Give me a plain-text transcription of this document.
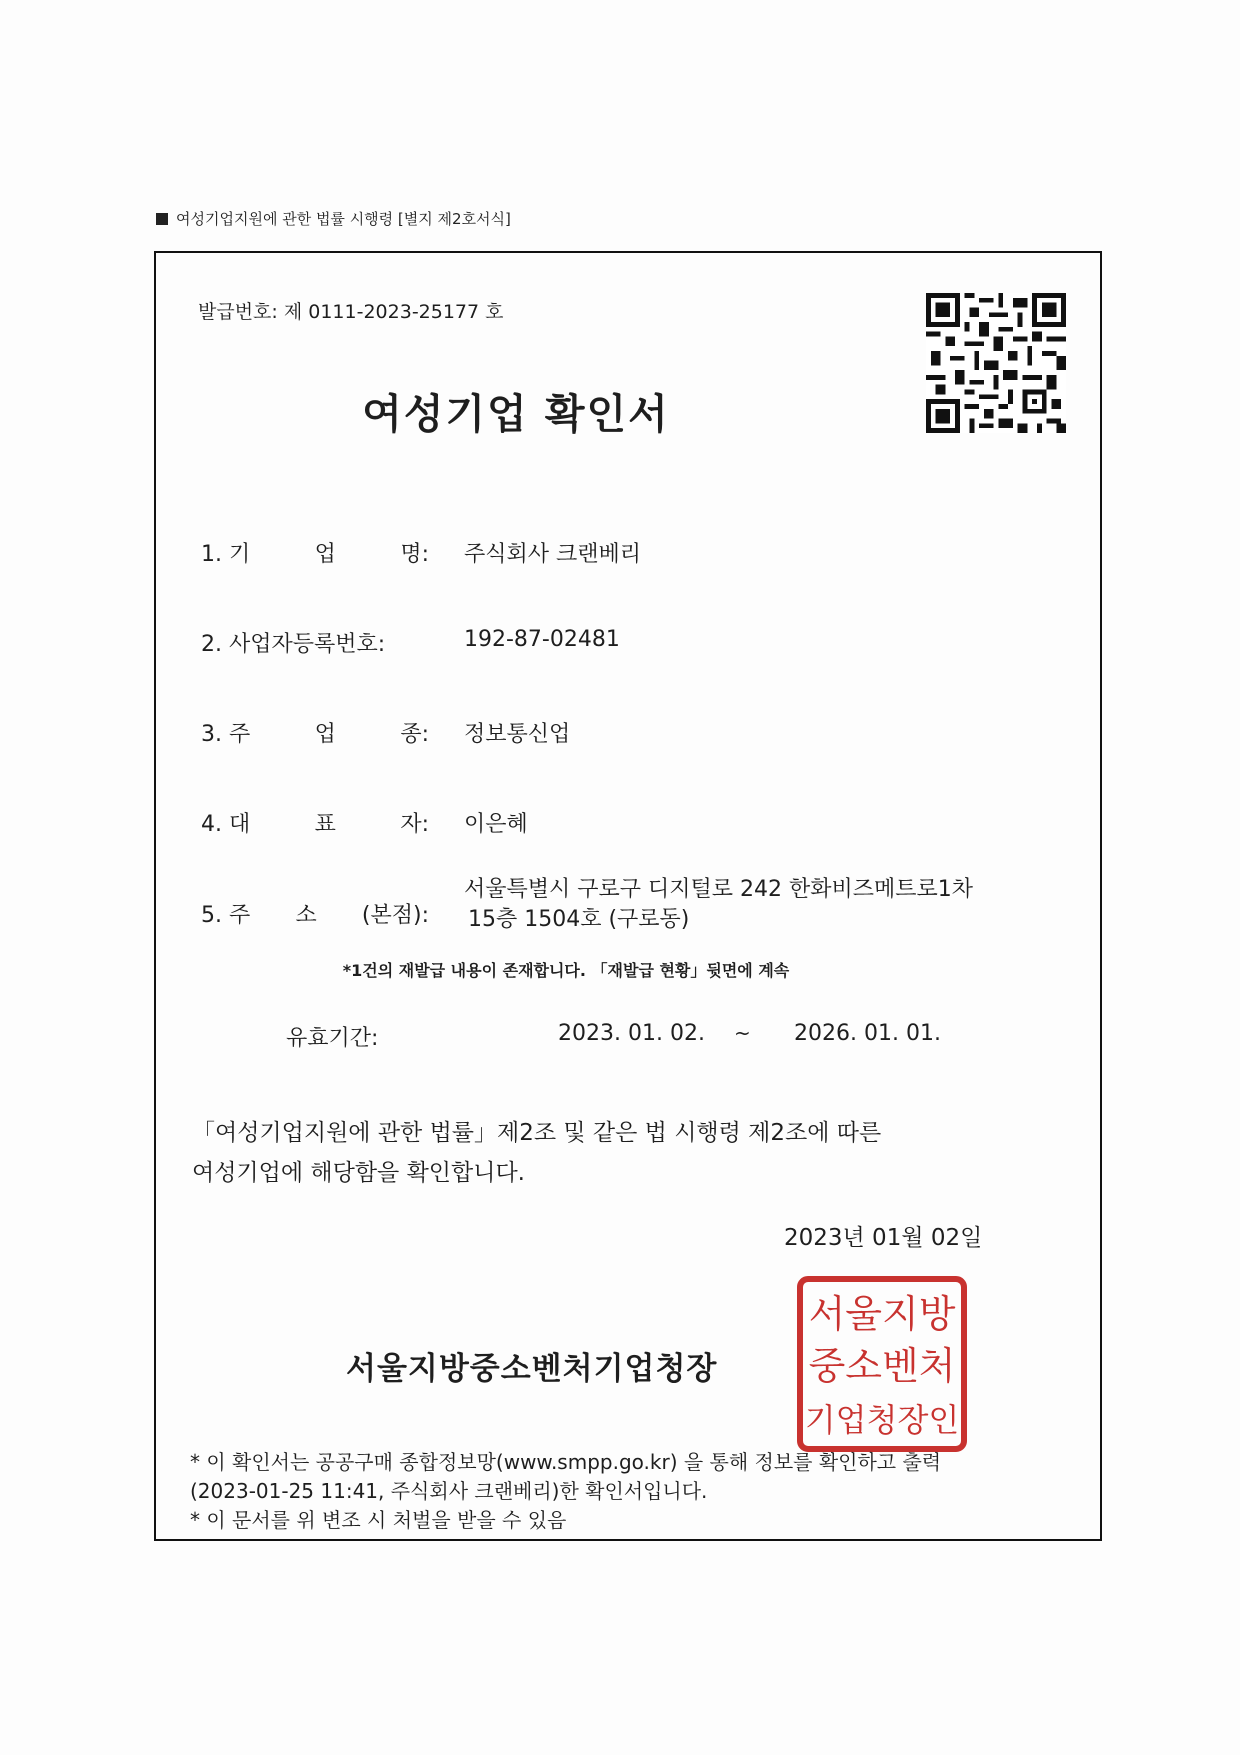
여성기업지원에 관한 법률 시행령 [별지 제2호서식]
발급번호: 제 0111-2023-25177 호
여성기업 확인서
1. 기 업 명: 주식회사 크랜베리
2. 사업자등록번호:	192-87-02481
3. 주 업 종: 정보통신업
4. 대 표 자: 이은혜
5. 주 소 (본점):
서울특별시 구로구 디지털로 242 한화비즈메트로1차
15층 1504호 (구로동)
*1건의 재발급 내용이 존재합니다. 「재발급 현황」뒷면에 계속
유효기간:	2023. 01. 02. ~ 2026. 01. 01.
「여성기업지원에 관한 법률」제2조 및 같은 법 시행령 제2조에 따른
여성기업에 해당함을 확인합니다.
2023년 01월 02일
서울지방중소벤처기업청장
서울지방
중소벤처
기업청장인
* 이 확인서는 공공구매 종합정보망(www.smpp.go.kr) 을 통해 정보를 확인하고 출력
(2023-01-25 11:41, 주식회사 크랜베리)한 확인서입니다.
* 이 문서를 위 변조 시 처벌을 받을 수 있음
